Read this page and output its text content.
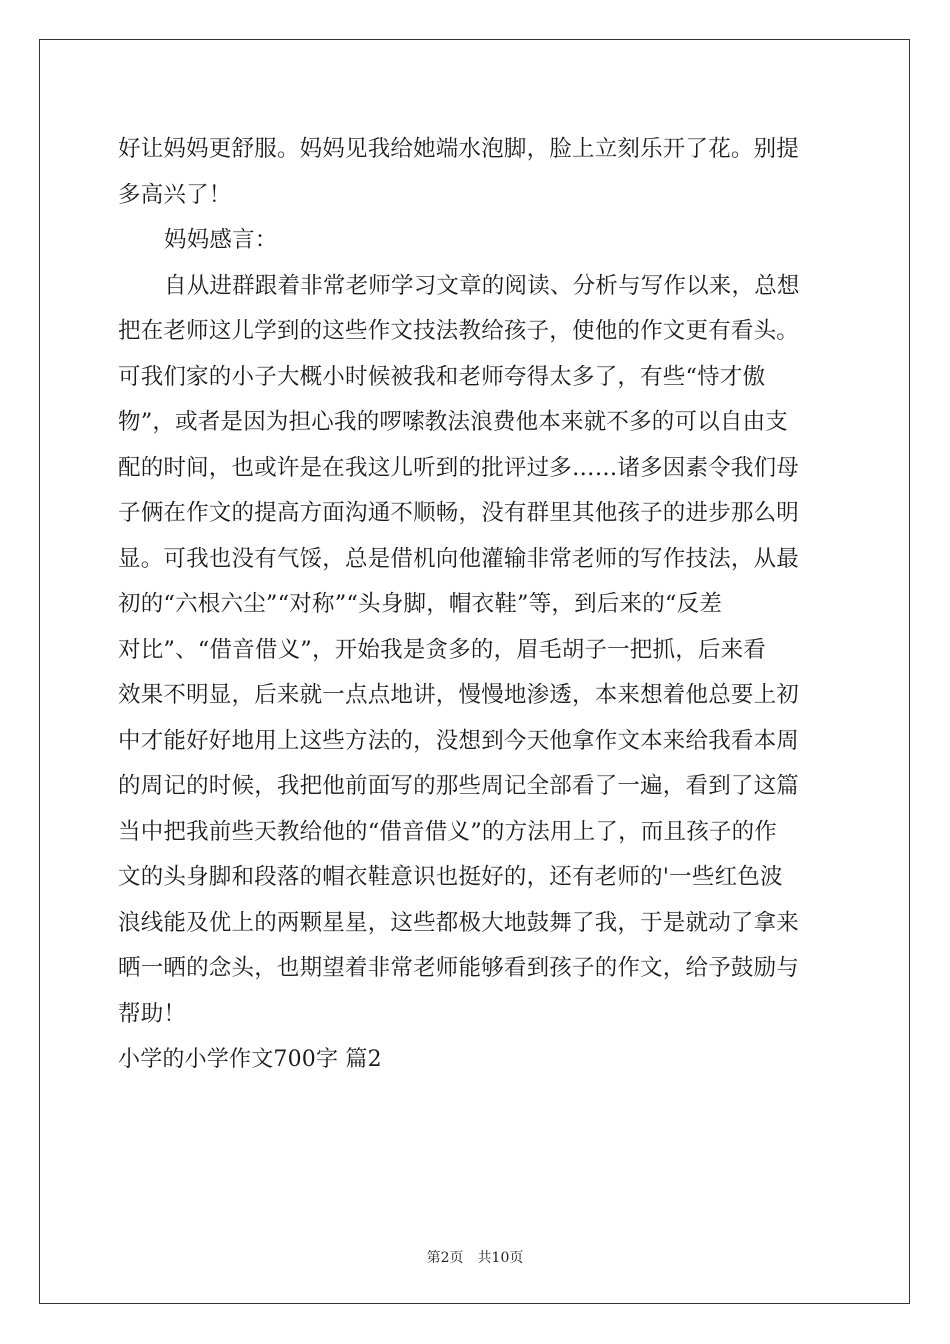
好让妈妈更舒服。妈妈见我给她端水泡脚，脸上立刻乐开了花。别提
多高兴了！
妈妈感言：
自从进群跟着非常老师学习文章的阅读、分析与写作以来，总想
把在老师这儿学到的这些作文技法教给孩子，使他的作文更有看头。
可我们家的小子大概小时候被我和老师夸得太多了，有些“恃才傲
物”，或者是因为担心我的啰嗦教法浪费他本来就不多的可以自由支
配的时间，也或许是在我这儿听到的批评过多……诸多因素令我们母
子俩在作文的提高方面沟通不顺畅，没有群里其他孩子的进步那么明
显。可我也没有气馁，总是借机向他灌输非常老师的写作技法，从最
初的“六根六尘”“对称”“头身脚，帽衣鞋”等，到后来的“反差
对比”、“借音借义”，开始我是贪多的，眉毛胡子一把抓，后来看
效果不明显，后来就一点点地讲，慢慢地渗透，本来想着他总要上初
中才能好好地用上这些方法的，没想到今天他拿作文本来给我看本周
的周记的时候，我把他前面写的那些周记全部看了一遍，看到了这篇
当中把我前些天教给他的“借音借义”的方法用上了，而且孩子的作
文的头身脚和段落的帽衣鞋意识也挺好的，还有老师的'一些红色波
浪线能及优上的两颗星星，这些都极大地鼓舞了我，于是就动了拿来
晒一晒的念头，也期望着非常老师能够看到孩子的作文，给予鼓励与
帮助！
小学的小学作文700字 篇2
第2页 共10页
